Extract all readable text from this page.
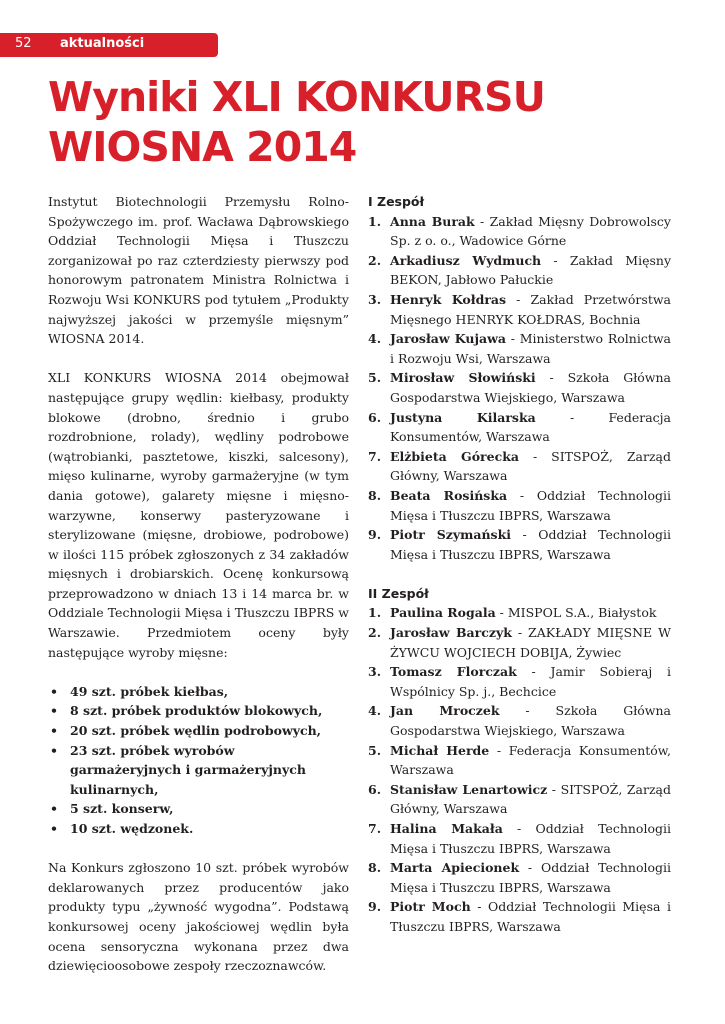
52 aktualności
Wyniki XLI KONKURSU
WIOSNA 2014

Instytut Biotechnologii Przemysłu Rolno-Spożywczego im. prof. Wacława Dąbrowskiego Oddział Technologii Mięsa i Tłuszczu zorganizował po raz czterdziesty pierwszy pod honorowym patronatem Ministra Rolnictwa i Rozwoju Wsi KONKURS pod tytułem „Produkty najwyższej jakości w przemyśle mięsnym” WIOSNA 2014.

XLI KONKURS WIOSNA 2014 obejmował następujące grupy wędlin: kiełbasy, produkty blokowe (drobno, średnio i grubo rozdrobnione, rolady), wędliny podrobowe (wątrobianki, pasztetowe, kiszki, salcesony), mięso kulinarne, wyroby garmażeryjne (w tym dania gotowe), galarety mięsne i mięsno-warzywne, konserwy pasteryzowane i sterylizowane (mięsne, drobiowe, podrobowe) w ilości 115 próbek zgłoszonych z 34 zakładów mięsnych i drobiarskich. Ocenę konkursową przeprowadzono w dniach 13 i 14 marca br. w Oddziale Technologii Mięsa i Tłuszczu IBPRS w Warszawie. Przedmiotem oceny były następujące wyroby mięsne:

• 49 szt. próbek kiełbas,
• 8 szt. próbek produktów blokowych,
• 20 szt. próbek wędlin podrobowych,
• 23 szt. próbek wyrobów garmażeryjnych i garmażeryjnych kulinarnych,
• 5 szt. konserw,
• 10 szt. wędzonek.

Na Konkurs zgłoszono 10 szt. próbek wyrobów deklarowanych przez producentów jako produkty typu „żywność wygodna”. Podstawą konkursowej oceny jakościowej wędlin była ocena sensoryczna wykonana przez dwa dziewięcioosobowe zespoły rzeczoznawców.

I Zespół
1. Anna Burak - Zakład Mięsny Dobrowolscy Sp. z o. o., Wadowice Górne
2. Arkadiusz Wydmuch - Zakład Mięsny BEKON, Jabłowo Pałuckie
3. Henryk Kołdras - Zakład Przetwórstwa Mięsnego HENRYK KOŁDRAS, Bochnia
4. Jarosław Kujawa - Ministerstwo Rolnictwa i Rozwoju Wsi, Warszawa
5. Mirosław Słowiński - Szkoła Główna Gospodarstwa Wiejskiego, Warszawa
6. Justyna Kilarska - Federacja Konsumentów, Warszawa
7. Elżbieta Górecka - SITSPOŻ, Zarząd Główny, Warszawa
8. Beata Rosińska - Oddział Technologii Mięsa i Tłuszczu IBPRS, Warszawa
9. Piotr Szymański - Oddział Technologii Mięsa i Tłuszczu IBPRS, Warszawa
II Zespół
1. Paulina Rogala - MISPOL S.A., Białystok
2. Jarosław Barczyk - ZAKŁADY MIĘSNE W ŻYWCU WOJCIECH DOBIJA, Żywiec
3. Tomasz Florczak - Jamir Sobieraj i Wspólnicy Sp. j., Bechcice
4. Jan Mroczek - Szkoła Główna Gospodarstwa Wiejskiego, Warszawa
5. Michał Herde - Federacja Konsumentów, Warszawa
6. Stanisław Lenartowicz - SITSPOŻ, Zarząd Główny, Warszawa
7. Halina Makała - Oddział Technologii Mięsa i Tłuszczu IBPRS, Warszawa
8. Marta Apiecionek - Oddział Technologii Mięsa i Tłuszczu IBPRS, Warszawa
9. Piotr Moch - Oddział Technologii Mięsa i Tłuszczu IBPRS, Warszawa
